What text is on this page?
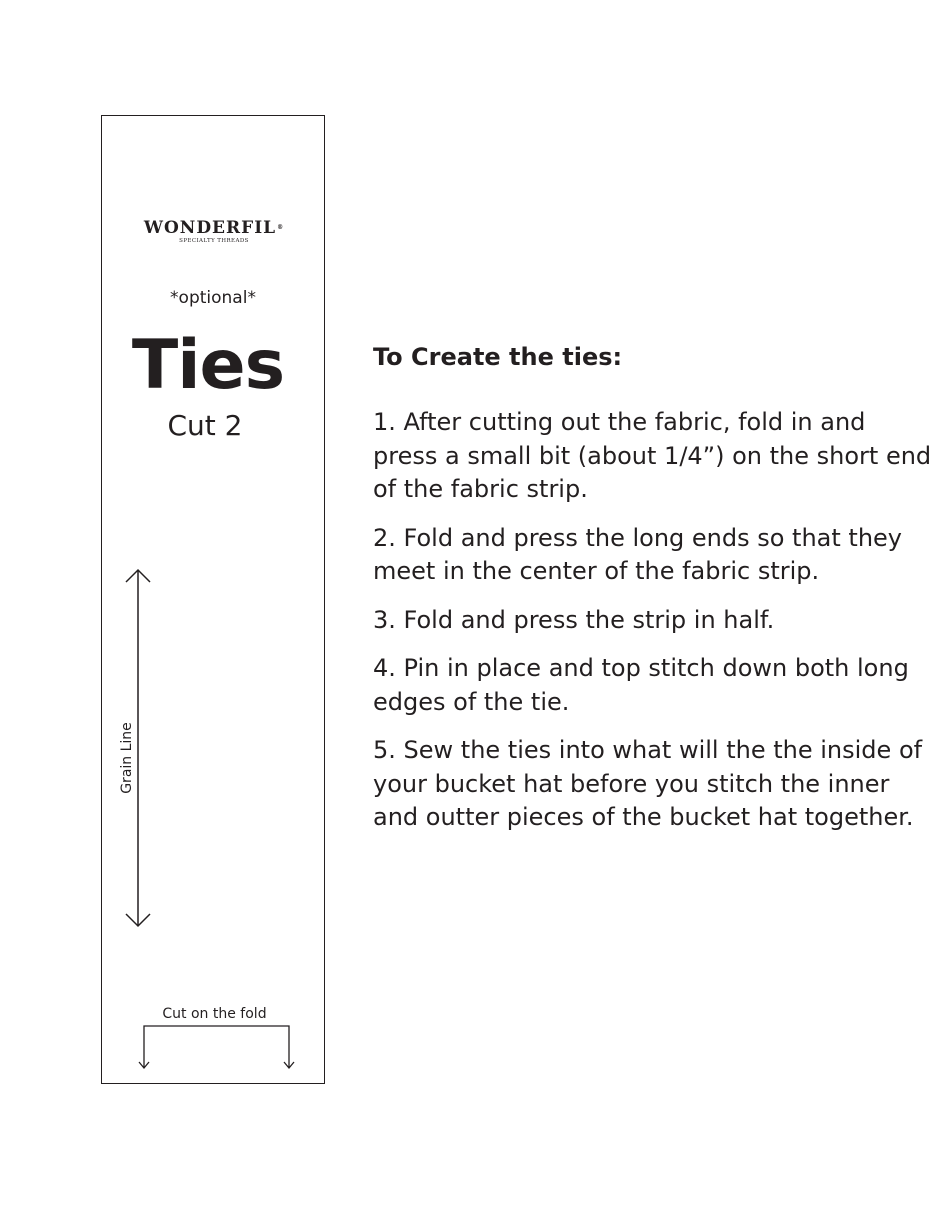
WONDERFIL®
SPECIALTY THREADS
*optional*
Ties
Cut 2
Grain Line
Cut on the fold
To Create the ties:

1. After cutting out the fabric, fold in and press a small bit (about 1/4”) on the short end of the fabric strip.

2. Fold and press the long ends so that they meet in the center of the fabric strip.

3. Fold and press the strip in half.

4. Pin in place and top stitch down both long edges of the tie.

5. Sew the ties into what will the the inside of your bucket hat before you stitch the inner and outter pieces of the bucket hat together.
